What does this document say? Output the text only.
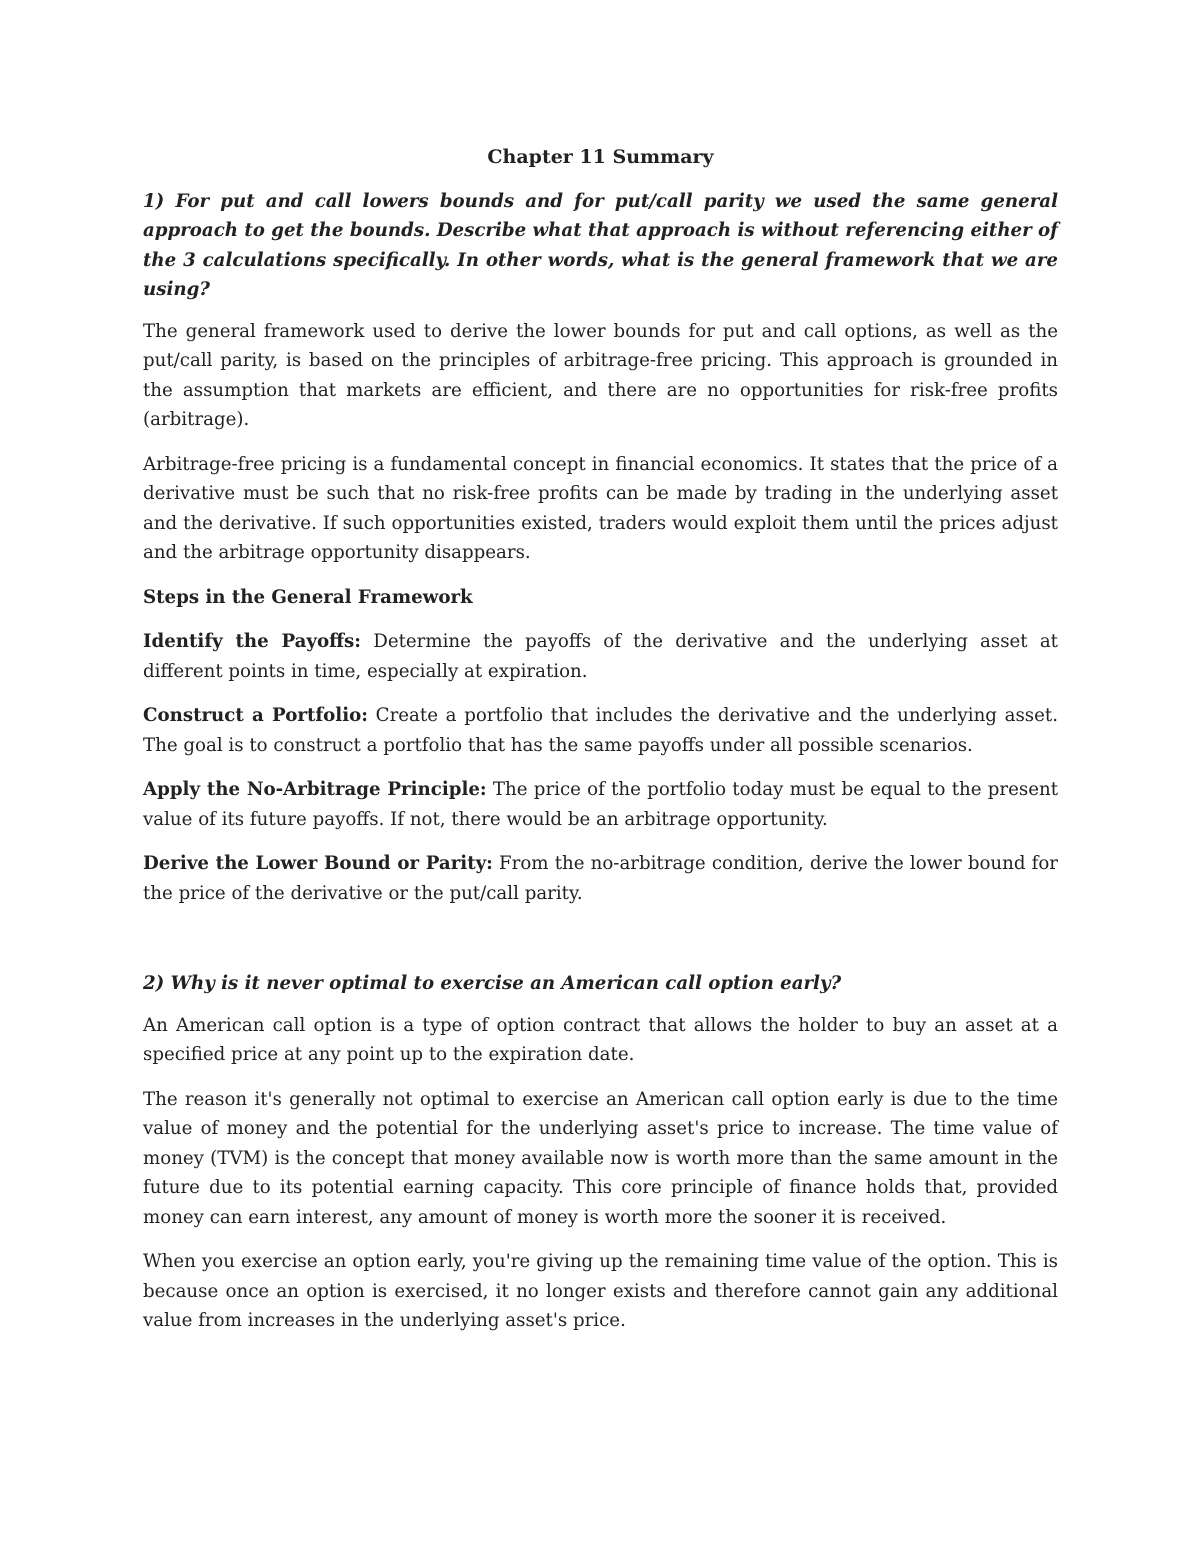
Chapter 11 Summary
1) For put and call lowers bounds and for put/call parity we used the same general approach to get the bounds. Describe what that approach is without referencing either of the 3 calculations specifically. In other words, what is the general framework that we are using?
The general framework used to derive the lower bounds for put and call options, as well as the put/call parity, is based on the principles of arbitrage-free pricing. This approach is grounded in the assumption that markets are efficient, and there are no opportunities for risk-free profits (arbitrage).
Arbitrage-free pricing is a fundamental concept in financial economics. It states that the price of a derivative must be such that no risk-free profits can be made by trading in the underlying asset and the derivative. If such opportunities existed, traders would exploit them until the prices adjust and the arbitrage opportunity disappears.
Steps in the General Framework
Identify the Payoffs: Determine the payoffs of the derivative and the underlying asset at different points in time, especially at expiration.
Construct a Portfolio: Create a portfolio that includes the derivative and the underlying asset. The goal is to construct a portfolio that has the same payoffs under all possible scenarios.
Apply the No-Arbitrage Principle: The price of the portfolio today must be equal to the present value of its future payoffs. If not, there would be an arbitrage opportunity.
Derive the Lower Bound or Parity: From the no-arbitrage condition, derive the lower bound for the price of the derivative or the put/call parity.
2) Why is it never optimal to exercise an American call option early?
An American call option is a type of option contract that allows the holder to buy an asset at a specified price at any point up to the expiration date.
The reason it's generally not optimal to exercise an American call option early is due to the time value of money and the potential for the underlying asset's price to increase. The time value of money (TVM) is the concept that money available now is worth more than the same amount in the future due to its potential earning capacity. This core principle of finance holds that, provided money can earn interest, any amount of money is worth more the sooner it is received.
When you exercise an option early, you're giving up the remaining time value of the option. This is because once an option is exercised, it no longer exists and therefore cannot gain any additional value from increases in the underlying asset's price.
